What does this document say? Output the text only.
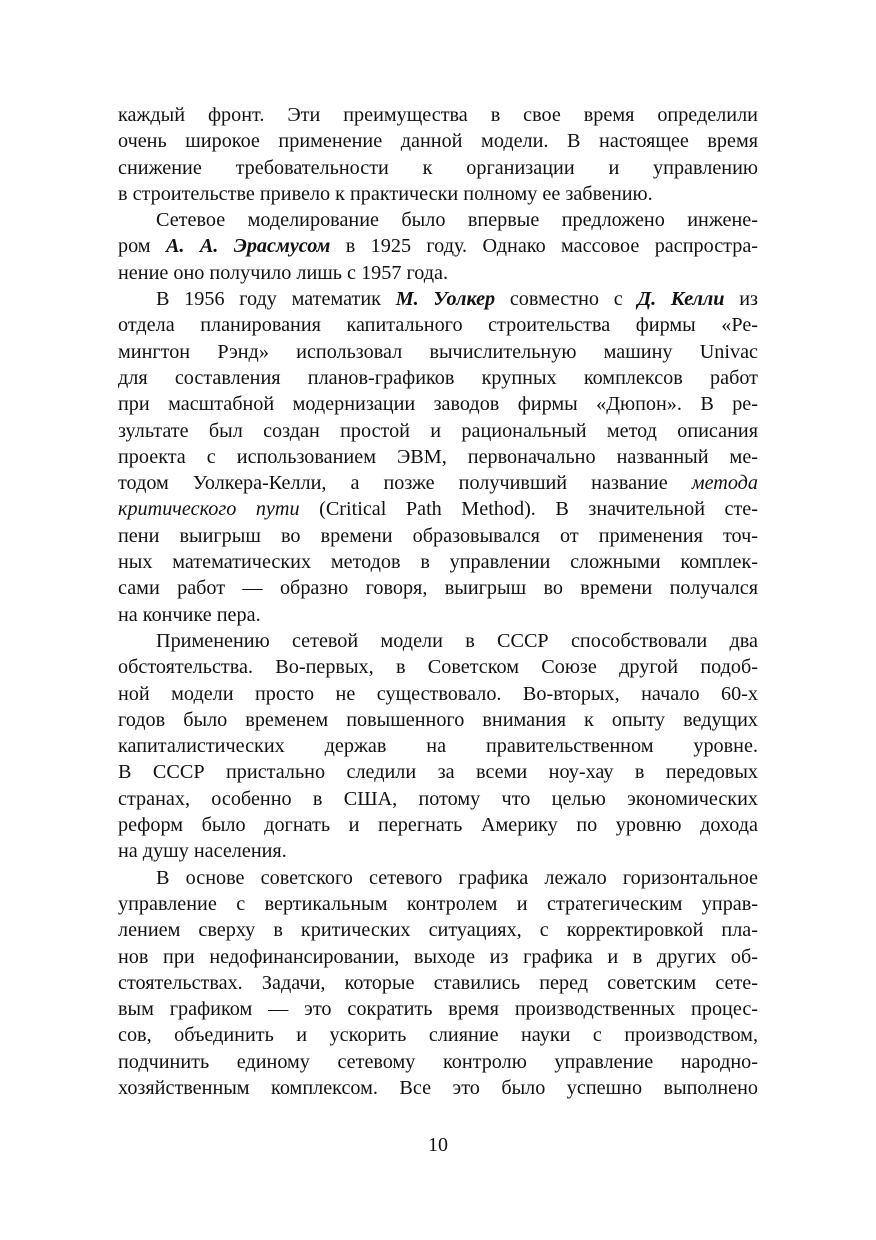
каждый фронт. Эти преимущества в свое время определили
очень широкое применение данной модели. В настоящее время
снижение требовательности к организации и управлению
в строительстве привело к практически полному ее забвению.
Сетевое моделирование было впервые предложено инжене-
ром А. А. Эрасмусом в 1925 году. Однако массовое распростра-
нение оно получило лишь с 1957 года.
В 1956 году математик М. Уолкер совместно с Д. Келли из
отдела планирования капитального строительства фирмы «Ре-
мингтон Рэнд» использовал вычислительную машину Univac
для составления планов-графиков крупных комплексов работ
при масштабной модернизации заводов фирмы «Дюпон». В ре-
зультате был создан простой и рациональный метод описания
проекта с использованием ЭВМ, первоначально названный ме-
тодом Уолкера-Келли, а позже получивший название метода
критического пути (Critical Path Method). В значительной сте-
пени выигрыш во времени образовывался от применения точ-
ных математических методов в управлении сложными комплек-
сами работ — образно говоря, выигрыш во времени получался
на кончике пера.
Применению сетевой модели в СССР способствовали два
обстоятельства. Во-первых, в Советском Союзе другой подоб-
ной модели просто не существовало. Во-вторых, начало 60-х
годов было временем повышенного внимания к опыту ведущих
капиталистических держав на правительственном уровне.
В СССР пристально следили за всеми ноу-хау в передовых
странах, особенно в США, потому что целью экономических
реформ было догнать и перегнать Америку по уровню дохода
на душу населения.
В основе советского сетевого графика лежало горизонтальное
управление с вертикальным контролем и стратегическим управ-
лением сверху в критических ситуациях, с корректировкой пла-
нов при недофинансировании, выходе из графика и в других об-
стоятельствах. Задачи, которые ставились перед советским сете-
вым графиком — это сократить время производственных процес-
сов, объединить и ускорить слияние науки с производством,
подчинить единому сетевому контролю управление народно-
хозяйственным комплексом. Все это было успешно выполнено
10
